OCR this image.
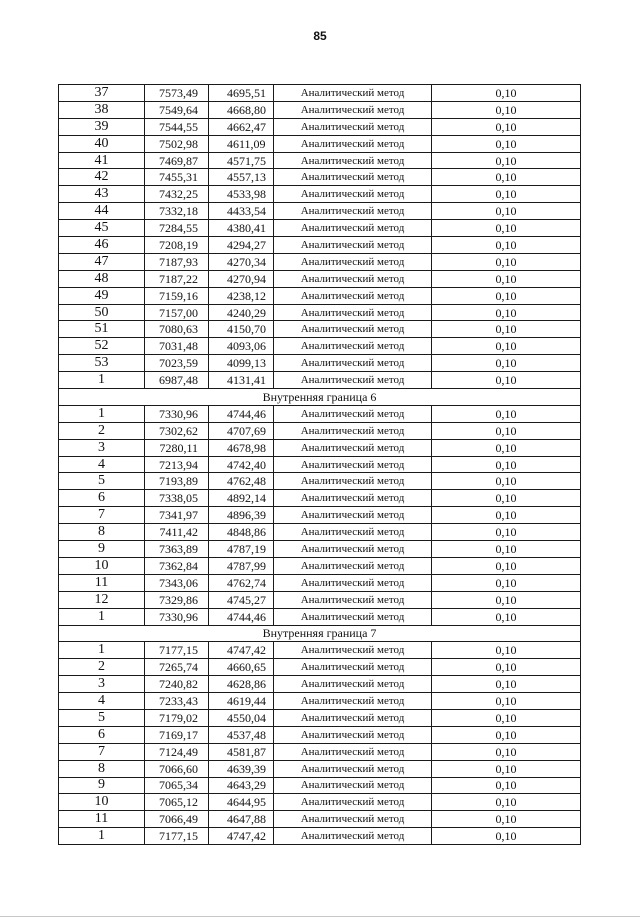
85
37	7573,49	4695,51	Аналитический метод	0,10
38	7549,64	4668,80	Аналитический метод	0,10
39	7544,55	4662,47	Аналитический метод	0,10
40	7502,98	4611,09	Аналитический метод	0,10
41	7469,87	4571,75	Аналитический метод	0,10
42	7455,31	4557,13	Аналитический метод	0,10
43	7432,25	4533,98	Аналитический метод	0,10
44	7332,18	4433,54	Аналитический метод	0,10
45	7284,55	4380,41	Аналитический метод	0,10
46	7208,19	4294,27	Аналитический метод	0,10
47	7187,93	4270,34	Аналитический метод	0,10
48	7187,22	4270,94	Аналитический метод	0,10
49	7159,16	4238,12	Аналитический метод	0,10
50	7157,00	4240,29	Аналитический метод	0,10
51	7080,63	4150,70	Аналитический метод	0,10
52	7031,48	4093,06	Аналитический метод	0,10
53	7023,59	4099,13	Аналитический метод	0,10
1	6987,48	4131,41	Аналитический метод	0,10
Внутренняя граница 6				
1	7330,96	4744,46	Аналитический метод	0,10
2	7302,62	4707,69	Аналитический метод	0,10
3	7280,11	4678,98	Аналитический метод	0,10
4	7213,94	4742,40	Аналитический метод	0,10
5	7193,89	4762,48	Аналитический метод	0,10
6	7338,05	4892,14	Аналитический метод	0,10
7	7341,97	4896,39	Аналитический метод	0,10
8	7411,42	4848,86	Аналитический метод	0,10
9	7363,89	4787,19	Аналитический метод	0,10
10	7362,84	4787,99	Аналитический метод	0,10
11	7343,06	4762,74	Аналитический метод	0,10
12	7329,86	4745,27	Аналитический метод	0,10
1	7330,96	4744,46	Аналитический метод	0,10
Внутренняя граница 7				
1	7177,15	4747,42	Аналитический метод	0,10
2	7265,74	4660,65	Аналитический метод	0,10
3	7240,82	4628,86	Аналитический метод	0,10
4	7233,43	4619,44	Аналитический метод	0,10
5	7179,02	4550,04	Аналитический метод	0,10
6	7169,17	4537,48	Аналитический метод	0,10
7	7124,49	4581,87	Аналитический метод	0,10
8	7066,60	4639,39	Аналитический метод	0,10
9	7065,34	4643,29	Аналитический метод	0,10
10	7065,12	4644,95	Аналитический метод	0,10
11	7066,49	4647,88	Аналитический метод	0,10
1	7177,15	4747,42	Аналитический метод	0,10
